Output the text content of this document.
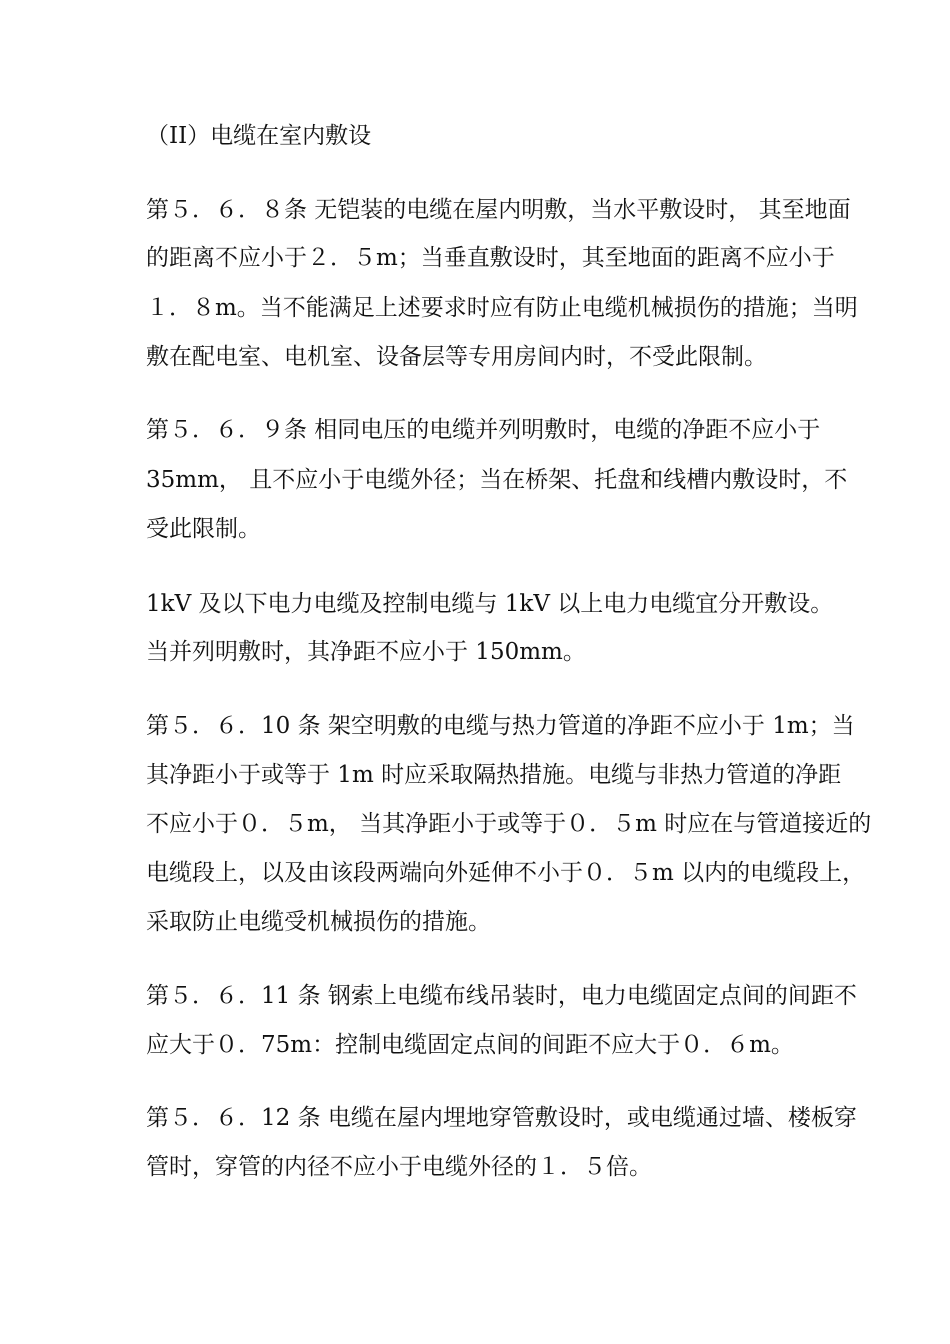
（II）电缆在室内敷设
第５．６．８条 无铠装的电缆在屋内明敷，当水平敷设时， 其至地面
的距离不应小于２．５m；当垂直敷设时，其至地面的距离不应小于
１．８m。当不能满足上述要求时应有防止电缆机械损伤的措施；当明
敷在配电室、电机室、设备层等专用房间内时，不受此限制。
第５．６．９条 相同电压的电缆并列明敷时，电缆的净距不应小于
35mm， 且不应小于电缆外径；当在桥架、托盘和线槽内敷设时，不
受此限制。
1kV 及以下电力电缆及控制电缆与 1kV 以上电力电缆宜分开敷设。
当并列明敷时，其净距不应小于 150mm。
第５．６．10 条 架空明敷的电缆与热力管道的净距不应小于 1m；当
其净距小于或等于 1m 时应采取隔热措施。电缆与非热力管道的净距
不应小于０．５m， 当其净距小于或等于０．５m 时应在与管道接近的
电缆段上，以及由该段两端向外延伸不小于０．５m 以内的电缆段上，
采取防止电缆受机械损伤的措施。
第５．６．11 条 钢索上电缆布线吊装时，电力电缆固定点间的间距不
应大于０．75m：控制电缆固定点间的间距不应大于０．６m。
第５．６．12 条 电缆在屋内埋地穿管敷设时，或电缆通过墙、楼板穿
管时，穿管的内径不应小于电缆外径的１．５倍。
